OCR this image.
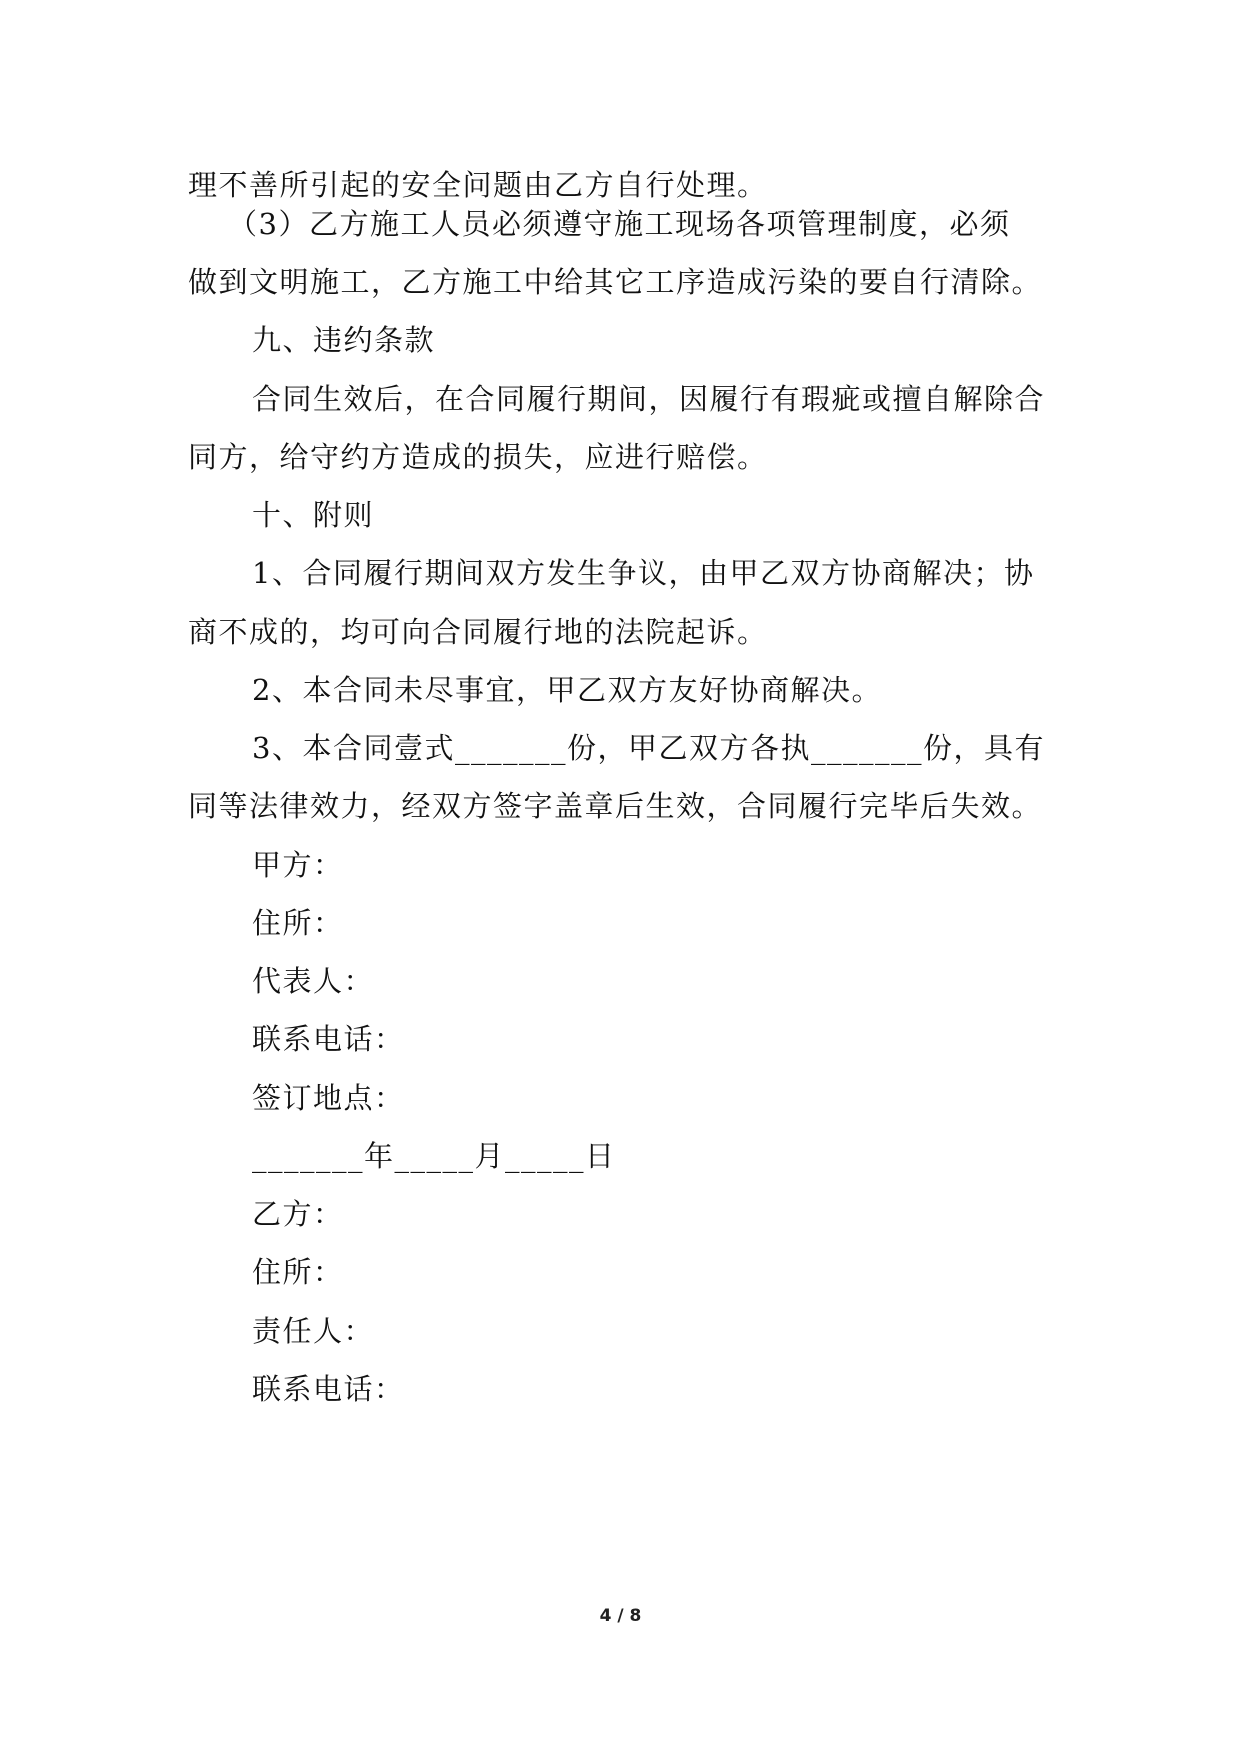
理不善所引起的安全问题由乙方自行处理。
（3）乙方施工人员必须遵守施工现场各项管理制度，必须
做到文明施工，乙方施工中给其它工序造成污染的要自行清除。
九、违约条款
合同生效后，在合同履行期间，因履行有瑕疵或擅自解除合
同方，给守约方造成的损失，应进行赔偿。
十、附则
1、合同履行期间双方发生争议，由甲乙双方协商解决；协
商不成的，均可向合同履行地的法院起诉。
2、本合同未尽事宜，甲乙双方友好协商解决。
3、本合同壹式_______份，甲乙双方各执_______份，具有
同等法律效力，经双方签字盖章后生效，合同履行完毕后失效。
甲方：
住所：
代表人：
联系电话：
签订地点：
_______年_____月_____日
乙方：
住所：
责任人：
联系电话：
4 / 8
